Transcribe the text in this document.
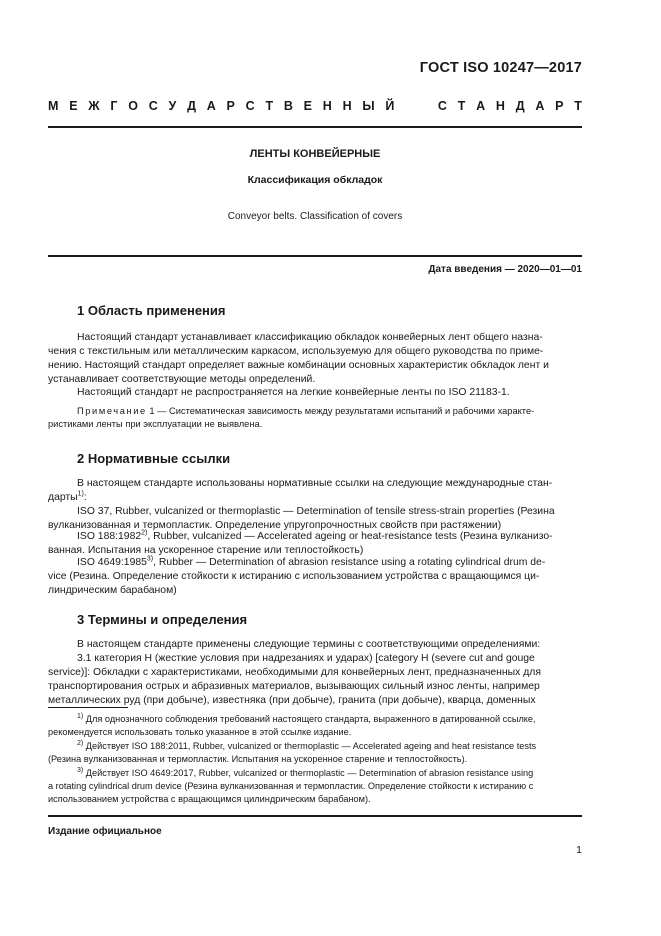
ГОСТ ISO 10247—2017
М Е Ж Г О С У Д А Р С Т В Е Н Н Ы Й	С Т А Н Д А Р Т
ЛЕНТЫ КОНВЕЙЕРНЫЕ
Классификация обкладок
Conveyor belts. Classification of covers
Дата введения — 2020—01—01
1 Область применения
Настоящий стандарт устанавливает классификацию обкладок конвейерных лент общего назна-
чения с текстильным или металлическим каркасом, используемую для общего руководства по приме-
нению. Настоящий стандарт определяет важные комбинации основных характеристик обкладок лент и
устанавливает соответствующие методы определений.
Настоящий стандарт не распространяется на легкие конвейерные ленты по ISO 21183-1.
Примечание 1 — Систематическая зависимость между результатами испытаний и рабочими характе-
ристиками ленты при эксплуатации не выявлена.
2 Нормативные ссылки
В настоящем стандарте использованы нормативные ссылки на следующие международные стан-
дарты$^{1)}$:
ISO 37, Rubber, vulcanized or thermoplastic — Determination of tensile stress-strain properties (Резина
вулканизованная и термопластик. Определение упругопрочностных свойств при растяжении)
ISO 188:1982$^{2)}$, Rubber, vulcanized — Accelerated ageing or heat-resistance tests (Резина вулканизо-
ванная. Испытания на ускоренное старение или теплостойкость)
ISO 4649:1985$^{3)}$, Rubber — Determination of abrasion resistance using a rotating cylindrical drum de-
vice (Резина. Определение стойкости к истиранию с использованием устройства с вращающимся ци-
линдрическим барабаном)
3 Термины и определения
В настоящем стандарте применены следующие термины с соответствующими определениями:
3.1 категория Н (жесткие условия при надрезаниях и ударах) [category H (severe cut and gouge
service)]: Обкладки с характеристиками, необходимыми для конвейерных лент, предназначенных для
транспортирования острых и абразивных материалов, вызывающих сильный износ ленты, например
металлических руд (при добыче), известняка (при добыче), гранита (при добыче), кварца, доменных
$^{1)}$ Для однозначного соблюдения требований настоящего стандарта, выраженного в датированной ссылке,
рекомендуется использовать только указанное в этой ссылке издание.
$^{2)}$ Действует ISO 188:2011, Rubber, vulcanized or thermoplastic — Accelerated ageing and heat resistance tests
(Резина вулканизованная и термопластик. Испытания на ускоренное старение и теплостойкость).
$^{3)}$ Действует ISO 4649:2017, Rubber, vulcanized or thermoplastic — Determination of abrasion resistance using
a rotating cylindrical drum device (Резина вулканизованная и термопластик. Определение стойкости к истиранию с
использованием устройства с вращающимся цилиндрическим барабаном).
Издание официальное
1
